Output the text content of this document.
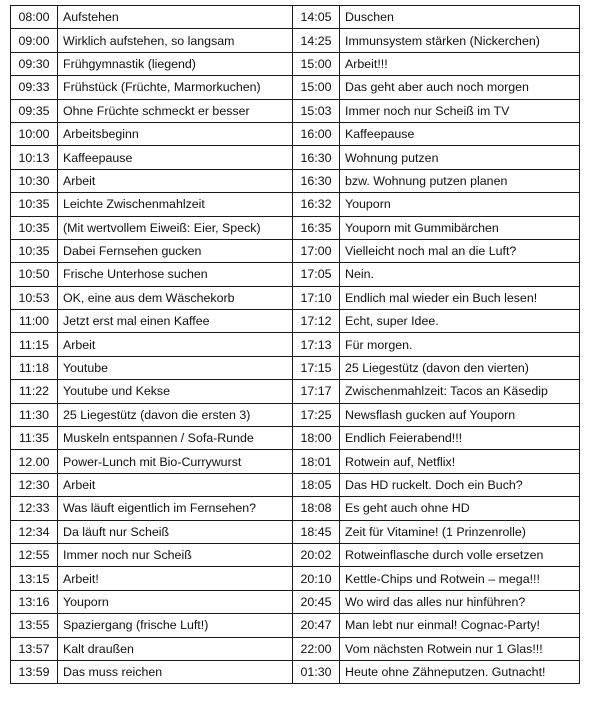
08:00	Aufstehen	14:05	Duschen
09:00	Wirklich aufstehen, so langsam	14:25	Immunsystem stärken (Nickerchen)
09:30	Frühgymnastik (liegend)	15:00	Arbeit!!!
09:33	Frühstück (Früchte, Marmorkuchen)	15:00	Das geht aber auch noch morgen
09:35	Ohne Früchte schmeckt er besser	15:03	Immer noch nur Scheiß im TV
10:00	Arbeitsbeginn	16:00	Kaffeepause
10:13	Kaffeepause	16:30	Wohnung putzen
10:30	Arbeit	16:30	bzw. Wohnung putzen planen
10:35	Leichte Zwischenmahlzeit	16:32	Youporn
10:35	(Mit wertvollem Eiweiß: Eier, Speck)	16:35	Youporn mit Gummibärchen
10:35	Dabei Fernsehen gucken	17:00	Vielleicht noch mal an die Luft?
10:50	Frische Unterhose suchen	17:05	Nein.
10:53	OK, eine aus dem Wäschekorb	17:10	Endlich mal wieder ein Buch lesen!
11:00	Jetzt erst mal einen Kaffee	17:12	Echt, super Idee.
11:15	Arbeit	17:13	Für morgen.
11:18	Youtube	17:15	25 Liegestütz (davon den vierten)
11:22	Youtube und Kekse	17:17	Zwischenmahlzeit: Tacos an Käsedip
11:30	25 Liegestütz (davon die ersten 3)	17:25	Newsflash gucken auf Youporn
11:35	Muskeln entspannen / Sofa-Runde	18:00	Endlich Feierabend!!!
12.00	Power-Lunch mit Bio-Currywurst	18:01	Rotwein auf, Netflix!
12:30	Arbeit	18:05	Das HD ruckelt. Doch ein Buch?
12:33	Was läuft eigentlich im Fernsehen?	18:08	Es geht auch ohne HD
12:34	Da läuft nur Scheiß	18:45	Zeit für Vitamine! (1 Prinzenrolle)
12:55	Immer noch nur Scheiß	20:02	Rotweinflasche durch volle ersetzen
13:15	Arbeit!	20:10	Kettle-Chips und Rotwein – mega!!!
13:16	Youporn	20:45	Wo wird das alles nur hinführen?
13:55	Spaziergang (frische Luft!)	20:47	Man lebt nur einmal! Cognac-Party!
13:57	Kalt draußen	22:00	Vom nächsten Rotwein nur 1 Glas!!!
13:59	Das muss reichen	01:30	Heute ohne Zähneputzen. Gutnacht!
